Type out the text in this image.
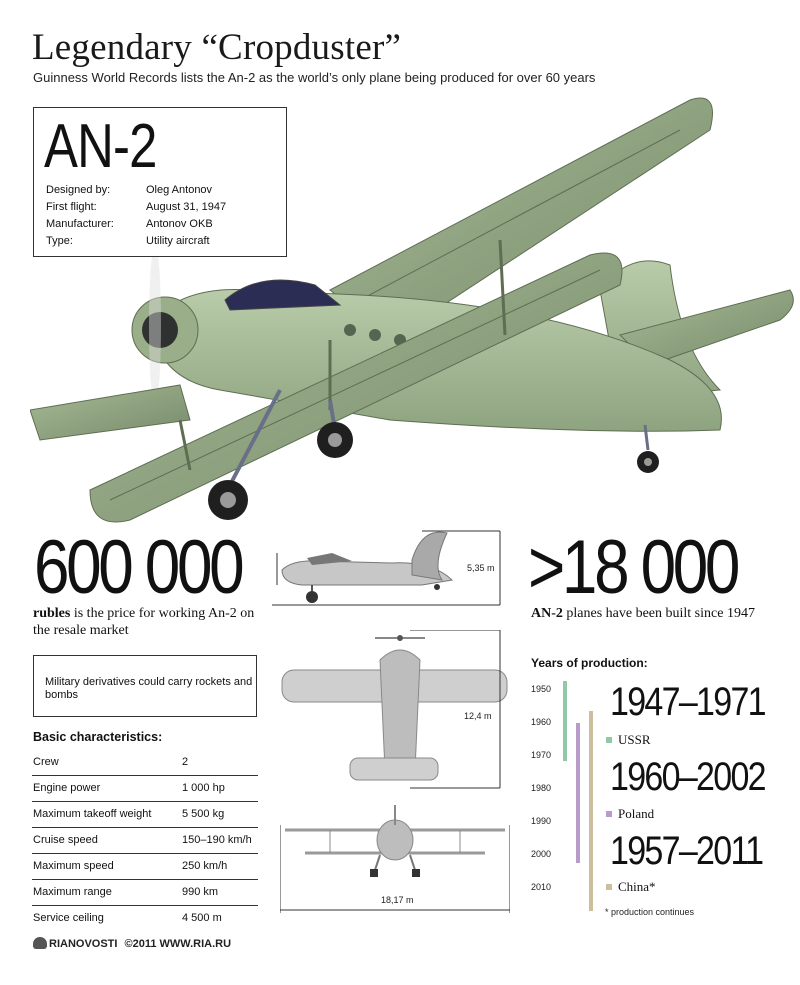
Legendary “Cropduster”
Guinness World Records lists the An-2 as the world’s only plane being produced for over 60 years
AN-2
Designed by:	Oleg Antonov
First flight:	August 31, 1947
Manufacturer:	Antonov OKB
Type:	Utility aircraft
600 000
rubles is the price for working An-2 on the resale market
>18 000
AN-2 planes have been built since 1947
5,35 m
12,4 m
18,17 m
Military derivatives could carry rockets and bombs
Basic characteristics:
Crew	2
Engine power	1 000 hp
Maximum takeoff weight	5 500 kg
Cruise speed	150–190 km/h
Maximum speed	250 km/h
Maximum range	990 km
Service ceiling	4 500 m
Years of production:
1950
1960
1970
1980
1990
2000
2010
1947–1971
USSR
1960–2002
Poland
1957–2011
China*
* production continues
RIANOVOSTI ©2011 WWW.RIA.RU
